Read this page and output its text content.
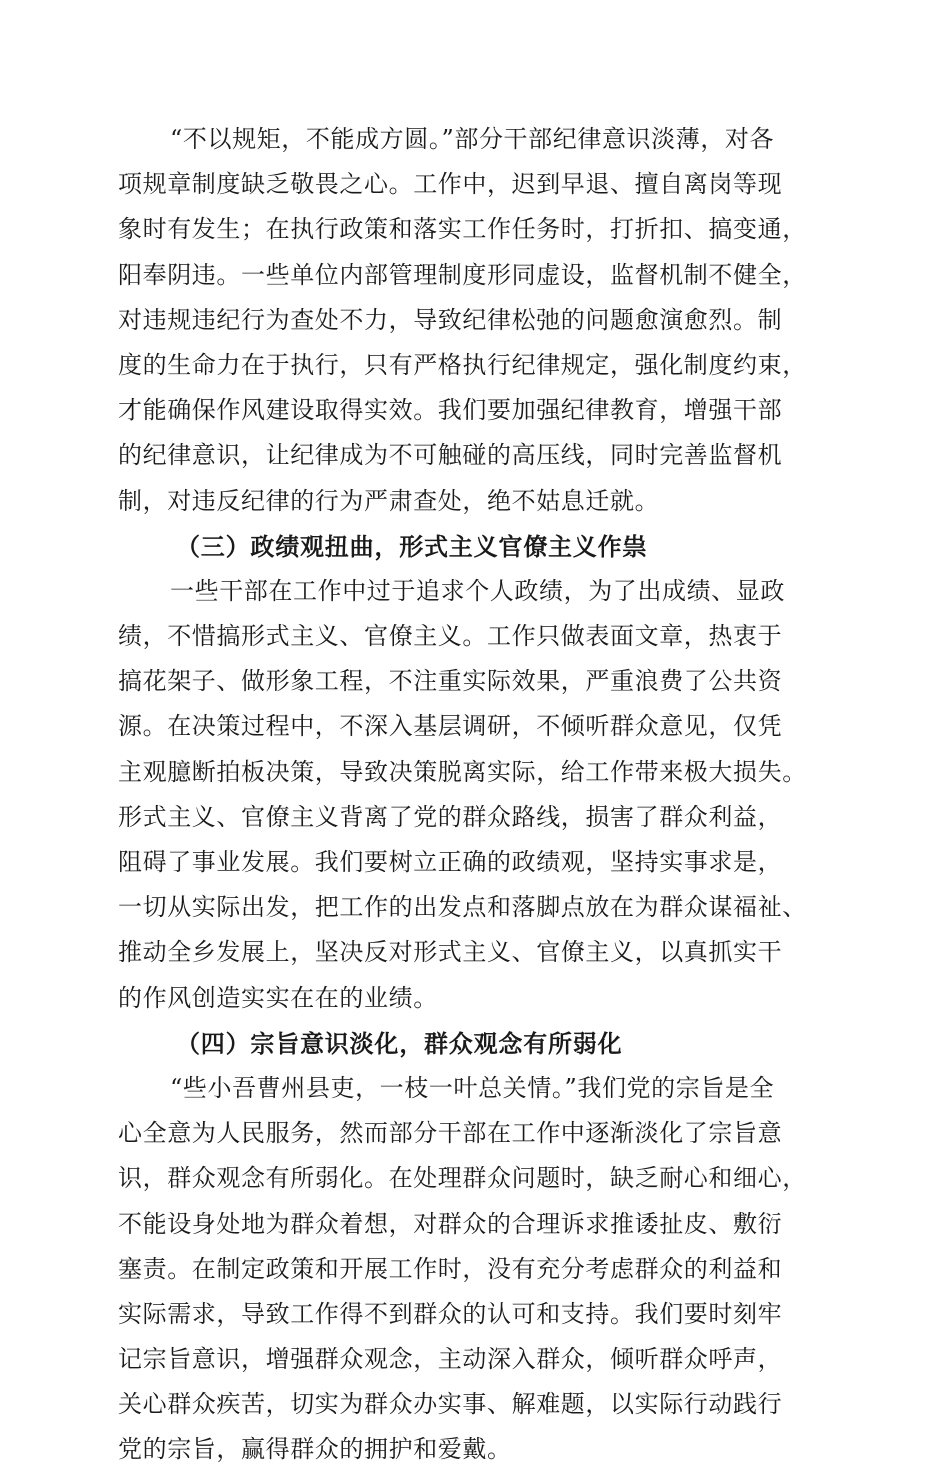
“不以规矩，不能成方圆。”部分干部纪律意识淡薄，对各
项规章制度缺乏敬畏之心。工作中，迟到早退、擅自离岗等现
象时有发生；在执行政策和落实工作任务时，打折扣、搞变通，
阳奉阴违。一些单位内部管理制度形同虚设，监督机制不健全，
对违规违纪行为查处不力，导致纪律松弛的问题愈演愈烈。制
度的生命力在于执行，只有严格执行纪律规定，强化制度约束，
才能确保作风建设取得实效。我们要加强纪律教育，增强干部
的纪律意识，让纪律成为不可触碰的高压线，同时完善监督机
制，对违反纪律的行为严肃查处，绝不姑息迁就。
（三）政绩观扭曲，形式主义官僚主义作祟
一些干部在工作中过于追求个人政绩，为了出成绩、显政
绩，不惜搞形式主义、官僚主义。工作只做表面文章，热衷于
搞花架子、做形象工程，不注重实际效果，严重浪费了公共资
源。在决策过程中，不深入基层调研，不倾听群众意见，仅凭
主观臆断拍板决策，导致决策脱离实际，给工作带来极大损失。
形式主义、官僚主义背离了党的群众路线，损害了群众利益，
阻碍了事业发展。我们要树立正确的政绩观，坚持实事求是，
一切从实际出发，把工作的出发点和落脚点放在为群众谋福祉、
推动全乡发展上，坚决反对形式主义、官僚主义，以真抓实干
的作风创造实实在在的业绩。
（四）宗旨意识淡化，群众观念有所弱化
“些小吾曹州县吏，一枝一叶总关情。”我们党的宗旨是全
心全意为人民服务，然而部分干部在工作中逐渐淡化了宗旨意
识，群众观念有所弱化。在处理群众问题时，缺乏耐心和细心，
不能设身处地为群众着想，对群众的合理诉求推诿扯皮、敷衍
塞责。在制定政策和开展工作时，没有充分考虑群众的利益和
实际需求，导致工作得不到群众的认可和支持。我们要时刻牢
记宗旨意识，增强群众观念，主动深入群众，倾听群众呼声，
关心群众疾苦，切实为群众办实事、解难题，以实际行动践行
党的宗旨，赢得群众的拥护和爱戴。
